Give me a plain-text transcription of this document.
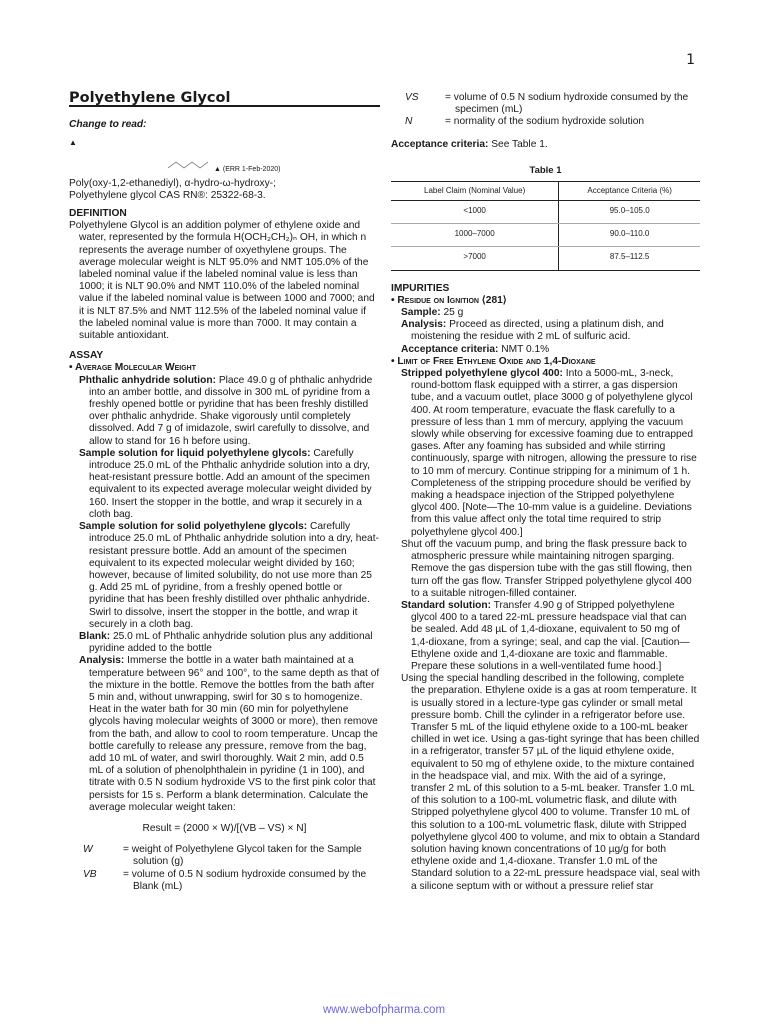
1
Polyethylene Glycol
Change to read:
▲
▲ (ERR 1-Feb-2020)

Poly(oxy-1,2-ethanediyl), α-hydro-ω-hydroxy-;

Polyethylene glycol CAS RN®: 25322-68-3.

DEFINITION

Polyethylene Glycol is an addition polymer of ethylene oxide and water, represented by the formula H(OCH₂CH₂)ₙ OH, in which n represents the average number of oxyethylene groups. The average molecular weight is NLT 95.0% and NMT 105.0% of the labeled nominal value if the labeled nominal value is less than 1000; it is NLT 90.0% and NMT 110.0% of the labeled nominal value if the labeled nominal value is between 1000 and 7000; and it is NLT 87.5% and NMT 112.5% of the labeled nominal value if the labeled nominal value is more than 7000. It may contain a suitable antioxidant.

ASSAY
• Average Molecular Weight

Phthalic anhydride solution: Place 49.0 g of phthalic anhydride into an amber bottle, and dissolve in 300 mL of pyridine from a freshly opened bottle or pyridine that has been freshly distilled over phthalic anhydride. Shake vigorously until completely dissolved. Add 7 g of imidazole, swirl carefully to dissolve, and allow to stand for 16 h before using.

Sample solution for liquid polyethylene glycols: Carefully introduce 25.0 mL of the Phthalic anhydride solution into a dry, heat-resistant pressure bottle. Add an amount of the specimen equivalent to its expected average molecular weight divided by 160. Insert the stopper in the bottle, and wrap it securely in a cloth bag.

Sample solution for solid polyethylene glycols: Carefully introduce 25.0 mL of Phthalic anhydride solution into a dry, heat-resistant pressure bottle. Add an amount of the specimen equivalent to its expected molecular weight divided by 160; however, because of limited solubility, do not use more than 25 g. Add 25 mL of pyridine, from a freshly opened bottle or pyridine that has been freshly distilled over phthalic anhydride. Swirl to dissolve, insert the stopper in the bottle, and wrap it securely in a cloth bag.

Blank: 25.0 mL of Phthalic anhydride solution plus any additional pyridine added to the bottle

Analysis: Immerse the bottle in a water bath maintained at a temperature between 96° and 100°, to the same depth as that of the mixture in the bottle. Remove the bottles from the bath after 5 min and, without unwrapping, swirl for 30 s to homogenize. Heat in the water bath for 30 min (60 min for polyethylene glycols having molecular weights of 3000 or more), then remove from the bath, and allow to cool to room temperature. Uncap the bottle carefully to release any pressure, remove from the bag, add 10 mL of water, and swirl thoroughly. Wait 2 min, add 0.5 mL of a solution of phenolphthalein in pyridine (1 in 100), and titrate with 0.5 N sodium hydroxide VS to the first pink color that persists for 15 s. Perform a blank determination. Calculate the average molecular weight taken:

Result = (2000 × W)/[(VB – VS) × N]
W	= weight of Polyethylene Glycol taken for the Sample solution (g)
VB	= volume of 0.5 N sodium hydroxide consumed by the Blank (mL)
VS	= volume of 0.5 N sodium hydroxide consumed by the specimen (mL)
N	= normality of the sodium hydroxide solution

Acceptance criteria: See Table 1.

Table 1
Label Claim (Nominal Value)	Acceptance Criteria (%)
<1000	95.0–105.0
1000–7000	90.0–110.0
>7000	87.5–112.5
IMPURITIES
• Residue on Ignition ⟨281⟩

Sample: 25 g

Analysis: Proceed as directed, using a platinum dish, and moistening the residue with 2 mL of sulfuric acid.

Acceptance criteria: NMT 0.1%

• Limit of Free Ethylene Oxide and 1,4-Dioxane

Stripped polyethylene glycol 400: Into a 5000-mL, 3-neck, round-bottom flask equipped with a stirrer, a gas dispersion tube, and a vacuum outlet, place 3000 g of polyethylene glycol 400. At room temperature, evacuate the flask carefully to a pressure of less than 1 mm of mercury, applying the vacuum slowly while observing for excessive foaming due to entrapped gases. After any foaming has subsided and while stirring continuously, sparge with nitrogen, allowing the pressure to rise to 10 mm of mercury. Continue stripping for a minimum of 1 h. Completeness of the stripping procedure should be verified by making a headspace injection of the Stripped polyethylene glycol 400. [Note—The 10-mm value is a guideline. Deviations from this value affect only the total time required to strip polyethylene glycol 400.]

Shut off the vacuum pump, and bring the flask pressure back to atmospheric pressure while maintaining nitrogen sparging. Remove the gas dispersion tube with the gas still flowing, then turn off the gas flow. Transfer Stripped polyethylene glycol 400 to a suitable nitrogen-filled container.

Standard solution: Transfer 4.90 g of Stripped polyethylene glycol 400 to a tared 22-mL pressure headspace vial that can be sealed. Add 48 µL of 1,4-dioxane, equivalent to 50 mg of 1,4-dioxane, from a syringe; seal, and cap the vial. [Caution—Ethylene oxide and 1,4-dioxane are toxic and flammable. Prepare these solutions in a well-ventilated fume hood.]

Using the special handling described in the following, complete the preparation. Ethylene oxide is a gas at room temperature. It is usually stored in a lecture-type gas cylinder or small metal pressure bomb. Chill the cylinder in a refrigerator before use. Transfer 5 mL of the liquid ethylene oxide to a 100-mL beaker chilled in wet ice. Using a gas-tight syringe that has been chilled in a refrigerator, transfer 57 µL of the liquid ethylene oxide, equivalent to 50 mg of ethylene oxide, to the mixture contained in the headspace vial, and mix. With the aid of a syringe, transfer 2 mL of this solution to a 5-mL beaker. Transfer 1.0 mL of this solution to a 100-mL volumetric flask, and dilute with Stripped polyethylene glycol 400 to volume. Transfer 10 mL of this solution to a 100-mL volumetric flask, dilute with Stripped polyethylene glycol 400 to volume, and mix to obtain a Standard solution having known concentrations of 10 µg/g for both ethylene oxide and 1,4-dioxane. Transfer 1.0 mL of the Standard solution to a 22-mL pressure headspace vial, seal with a silicone septum with or without a pressure relief star

www.webofpharma.com
